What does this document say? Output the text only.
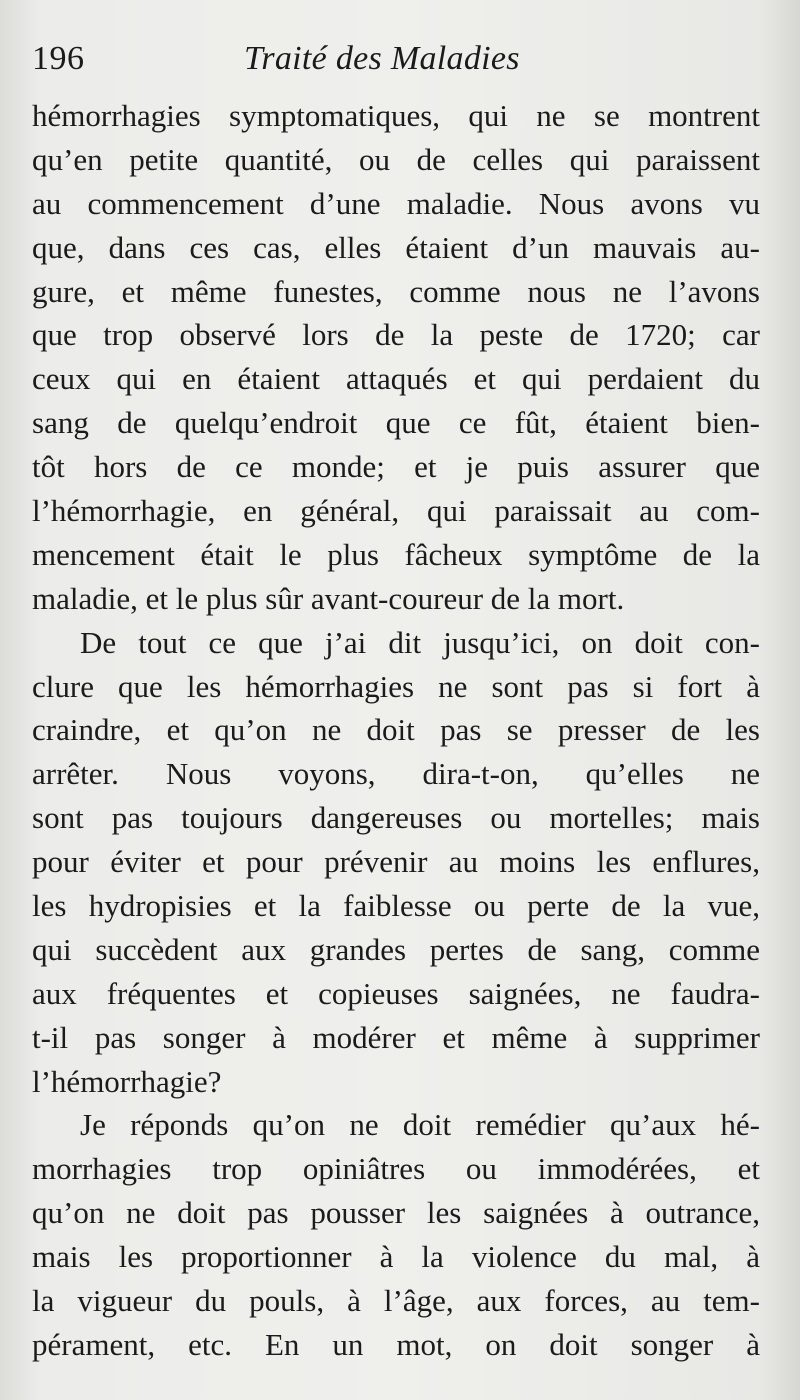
196	Traité des Maladies
hémorrhagies symptomatiques, qui ne se montrent
qu’en petite quantité, ou de celles qui paraissent
au commencement d’une maladie. Nous avons vu
que, dans ces cas, elles étaient d’un mauvais au-
gure, et même funestes, comme nous ne l’avons
que trop observé lors de la peste de 1720; car
ceux qui en étaient attaqués et qui perdaient du
sang de quelqu’endroit que ce fût, étaient bien-
tôt hors de ce monde; et je puis assurer que
l’hémorrhagie, en général, qui paraissait au com-
mencement était le plus fâcheux symptôme de la
maladie, et le plus sûr avant-coureur de la mort.
De tout ce que j’ai dit jusqu’ici, on doit con-
clure que les hémorrhagies ne sont pas si fort à
craindre, et qu’on ne doit pas se presser de les
arrêter. Nous voyons, dira-t-on, qu’elles ne
sont pas toujours dangereuses ou mortelles; mais
pour éviter et pour prévenir au moins les enflures,
les hydropisies et la faiblesse ou perte de la vue,
qui succèdent aux grandes pertes de sang, comme
aux fréquentes et copieuses saignées, ne faudra-
t-il pas songer à modérer et même à supprimer
l’hémorrhagie?
Je réponds qu’on ne doit remédier qu’aux hé-
morrhagies trop opiniâtres ou immodérées, et
qu’on ne doit pas pousser les saignées à outrance,
mais les proportionner à la violence du mal, à
la vigueur du pouls, à l’âge, aux forces, au tem-
pérament, etc. En un mot, on doit songer à
